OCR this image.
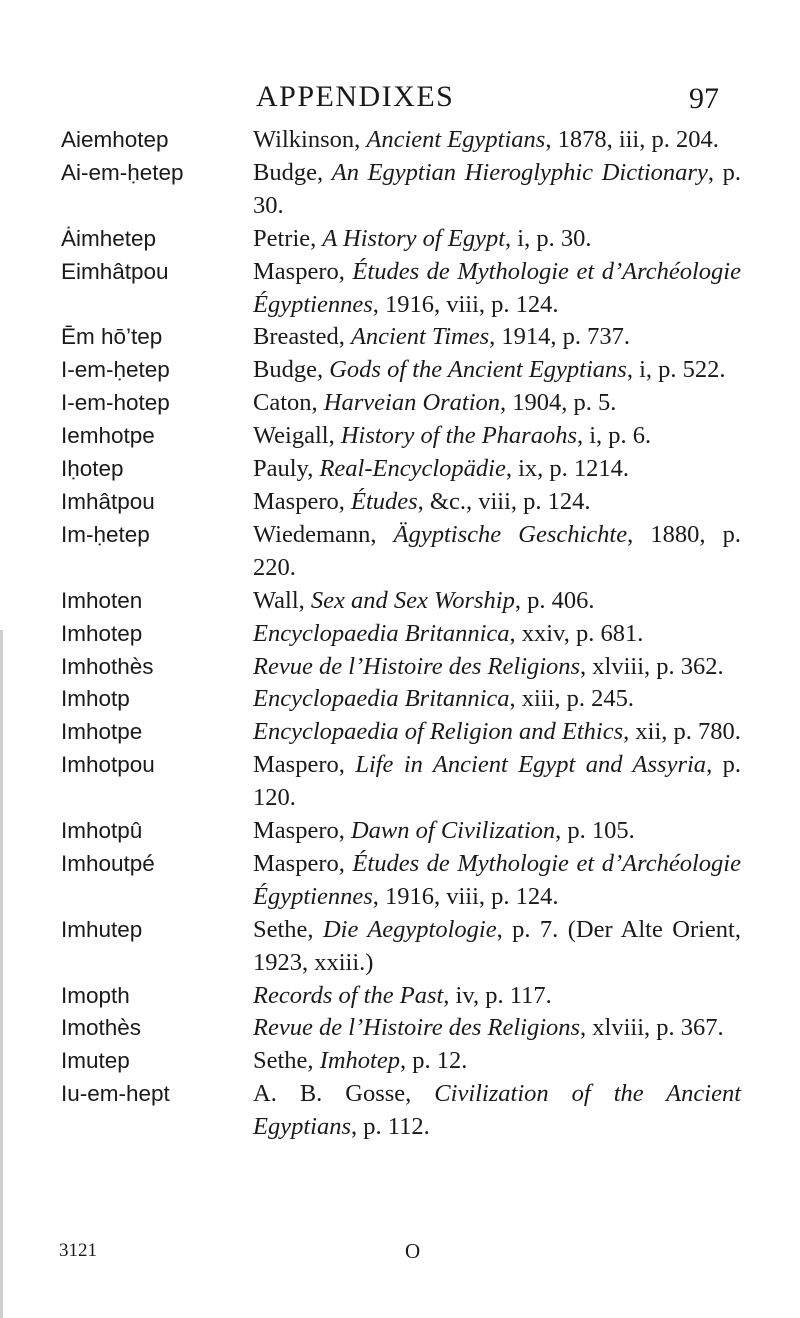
APPENDIXES	97
Aiemhotep	Wilkinson, Ancient Egyptians, 1878, iii, p. 204.
Ai-em-ḥetep	Budge, An Egyptian Hieroglyphic Dictionary, p. 30.
Ȧimhetep	Petrie, A History of Egypt, i, p. 30.
Eimhâtpou	Maspero, Études de Mythologie et d’Archéologie Égyptiennes, 1916, viii, p. 124.
Ēm hō’tep	Breasted, Ancient Times, 1914, p. 737.
I-em-ḥetep	Budge, Gods of the Ancient Egyptians, i, p. 522.
I-em-hotep	Caton, Harveian Oration, 1904, p. 5.
Iemhotpe	Weigall, History of the Pharaohs, i, p. 6.
Iḥotep	Pauly, Real-Encyclopädie, ix, p. 1214.
Imhâtpou	Maspero, Études, &c., viii, p. 124.
Im-ḥetep	Wiedemann, Ägyptische Geschichte, 1880, p. 220.
Imhoten	Wall, Sex and Sex Worship, p. 406.
Imhotep	Encyclopaedia Britannica, xxiv, p. 681.
Imhothès	Revue de l’Histoire des Religions, xlviii, p. 362.
Imhotp	Encyclopaedia Britannica, xiii, p. 245.
Imhotpe	Encyclopaedia of Religion and Ethics, xii, p. 780.
Imhotpou	Maspero, Life in Ancient Egypt and Assyria, p. 120.
Imhotpû	Maspero, Dawn of Civilization, p. 105.
Imhoutpé	Maspero, Études de Mythologie et d’Archéologie Égyptiennes, 1916, viii, p. 124.
Imhutep	Sethe, Die Aegyptologie, p. 7. (Der Alte Orient, 1923, xxiii.)
Imopth	Records of the Past, iv, p. 117.
Imothès	Revue de l’Histoire des Religions, xlviii, p. 367.
Imutep	Sethe, Imhotep, p. 12.
Iu-em-hept	A. B. Gosse, Civilization of the Ancient Egyptians, p. 112.
3121	O
